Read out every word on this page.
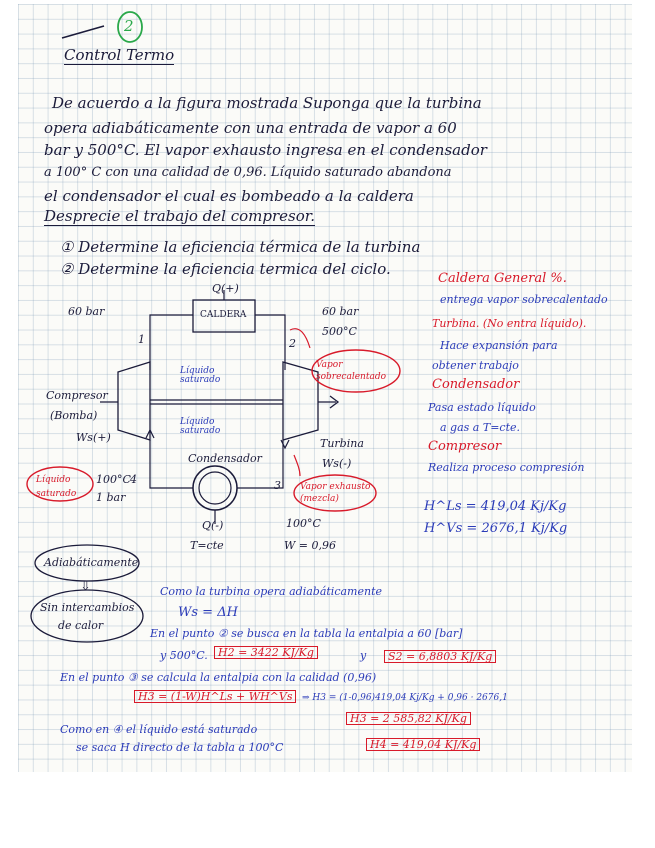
2
Control Termo
De acuerdo a la figura mostrada Suponga que la turbina
opera adiabáticamente con una entrada de vapor a 60
bar y 500°C. El vapor exhausto ingresa en el condensador
a 100° C con una calidad de 0,96. Líquido saturado abandona
el condensador el cual es bombeado a la caldera
Desprecie el trabajo del compresor.
① Determine la eficiencia térmica de la turbina
② Determine la eficiencia termica del ciclo.
Q(+)
CALDERA
60 bar	60 bar
500°C
1	2
Vapor sobrecalentado
Líquido saturado
Líquido saturado
Compresor
(Bomba)
Ws(+)	Turbina
Ws(-)
Condensador
Líquido saturado
100°C 4
1 bar
3 Vapor exhausto (mezcla)
Q(-)
T=cte
100°C
W = 0,96
Caldera General %.
entrega vapor sobrecalentado
Turbina. (No entra líquido).
Hace expansión para
obtener trabajo
Condensador
Pasa estado líquido
a gas a T=cte.
Compresor
Realiza proceso compresión
H^Ls = 419,04 Kj/Kg
H^Vs = 2676,1 Kj/Kg
Adiabáticamente
⇩
Sin intercambios
de calor
Como la turbina opera adiabáticamente
Ws = ΔH
En el punto ② se busca en la tabla la entalpia a 60 [bar]
y 500°C. H2 = 3422 KJ/Kg	y	S2 = 6,8803 KJ/Kg
En el punto ③ se calcula la entalpia con la calidad (0,96)
H3 = (1-W)H^Ls + WH^Vs	⇒ H3 = (1-0,96)419,04 Kj/Kg + 0,96 · 2676,1
H3 = 2 585,82 KJ/Kg
Como en ④ el líquido está saturado
se saca H directo de la tabla a 100°C	H4 = 419,04 KJ/Kg
